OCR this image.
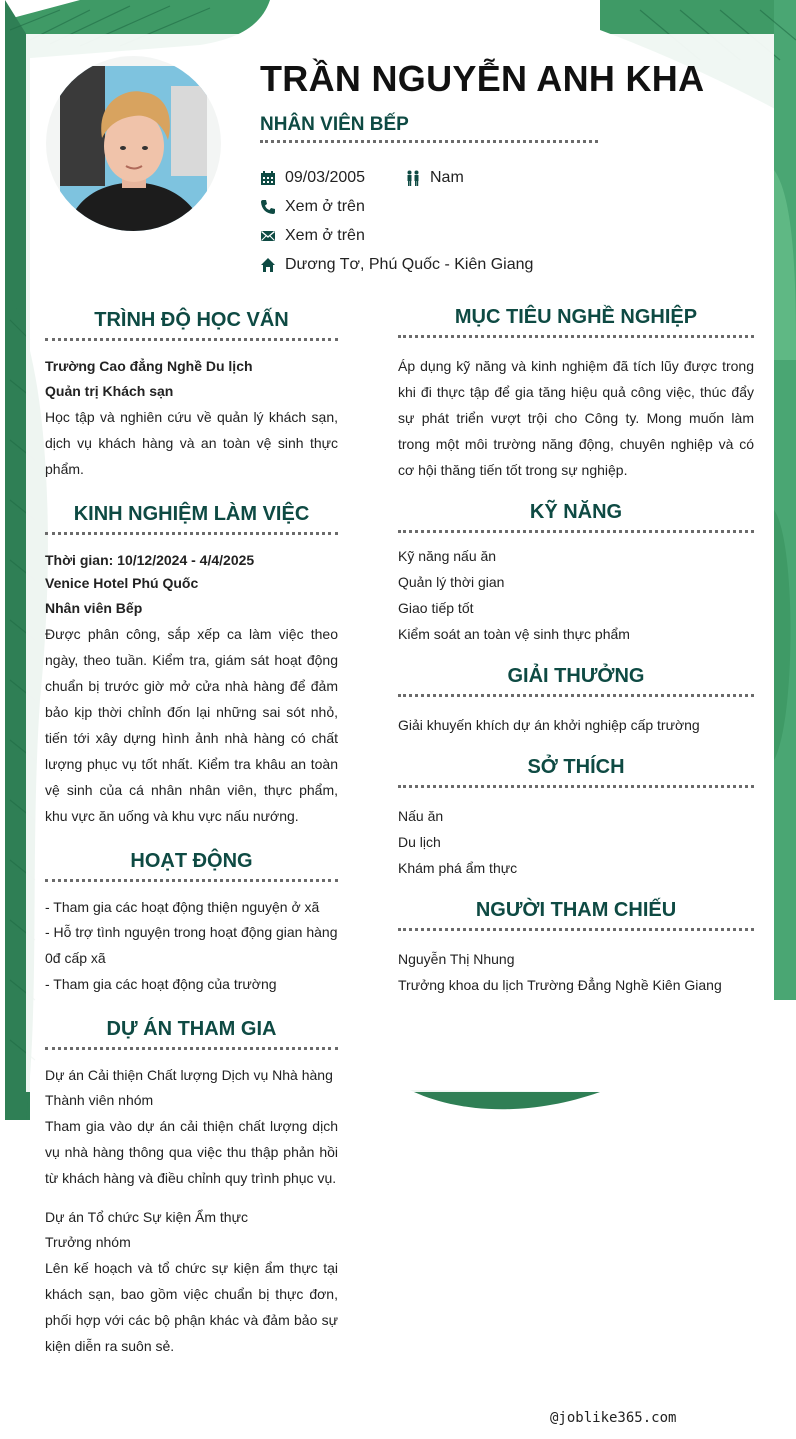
TRẦN NGUYỄN ANH KHA
NHÂN VIÊN BẾP
09/03/2005	Nam
Xem ở trên
Xem ở trên
Dương Tơ, Phú Quốc - Kiên Giang
TRÌNH ĐỘ HỌC VẤN
Trường Cao đẳng Nghề Du lịch
Quản trị Khách sạn
Học tập và nghiên cứu về quản lý khách sạn, dịch vụ khách hàng và an toàn vệ sinh thực phẩm.
KINH NGHIỆM LÀM VIỆC
Thời gian: 10/12/2024 - 4/4/2025
Venice Hotel Phú Quốc
Nhân viên Bếp
Được phân công, sắp xếp ca làm việc theo ngày, theo tuần. Kiểm tra, giám sát hoạt động chuẩn bị trước giờ mở cửa nhà hàng để đảm bảo kịp thời chỉnh đốn lại những sai sót nhỏ, tiến tới xây dựng hình ảnh nhà hàng có chất lượng phục vụ tốt nhất. Kiểm tra khâu an toàn vệ sinh của cá nhân nhân viên, thực phẩm, khu vực ăn uống và khu vực nấu nướng.
HOẠT ĐỘNG
- Tham gia các hoạt động thiện nguyện ở xã
- Hỗ trợ tình nguyện trong hoạt động gian hàng 0đ cấp xã
- Tham gia các hoạt động của trường
DỰ ÁN THAM GIA
Dự án Cải thiện Chất lượng Dịch vụ Nhà hàng
Thành viên nhóm
Tham gia vào dự án cải thiện chất lượng dịch vụ nhà hàng thông qua việc thu thập phản hồi từ khách hàng và điều chỉnh quy trình phục vụ.
Dự án Tổ chức Sự kiện Ẩm thực
Trưởng nhóm
Lên kế hoạch và tổ chức sự kiện ẩm thực tại khách sạn, bao gồm việc chuẩn bị thực đơn, phối hợp với các bộ phận khác và đảm bảo sự kiện diễn ra suôn sẻ.
MỤC TIÊU NGHỀ NGHIỆP
Áp dụng kỹ năng và kinh nghiệm đã tích lũy được trong khi đi thực tập để gia tăng hiệu quả công việc, thúc đẩy sự phát triển vượt trội cho Công ty. Mong muốn làm trong một môi trường năng động, chuyên nghiệp và có cơ hội thăng tiến tốt trong sự nghiệp.
KỸ NĂNG
Kỹ năng nấu ăn
Quản lý thời gian
Giao tiếp tốt
Kiểm soát an toàn vệ sinh thực phẩm
GIẢI THƯỞNG
Giải khuyến khích dự án khởi nghiệp cấp trường
SỞ THÍCH
Nấu ăn
Du lịch
Khám phá ẩm thực
NGƯỜI THAM CHIẾU
Nguyễn Thị Nhung
Trưởng khoa du lịch Trường Đẳng Nghề Kiên Giang
@joblike365.com
